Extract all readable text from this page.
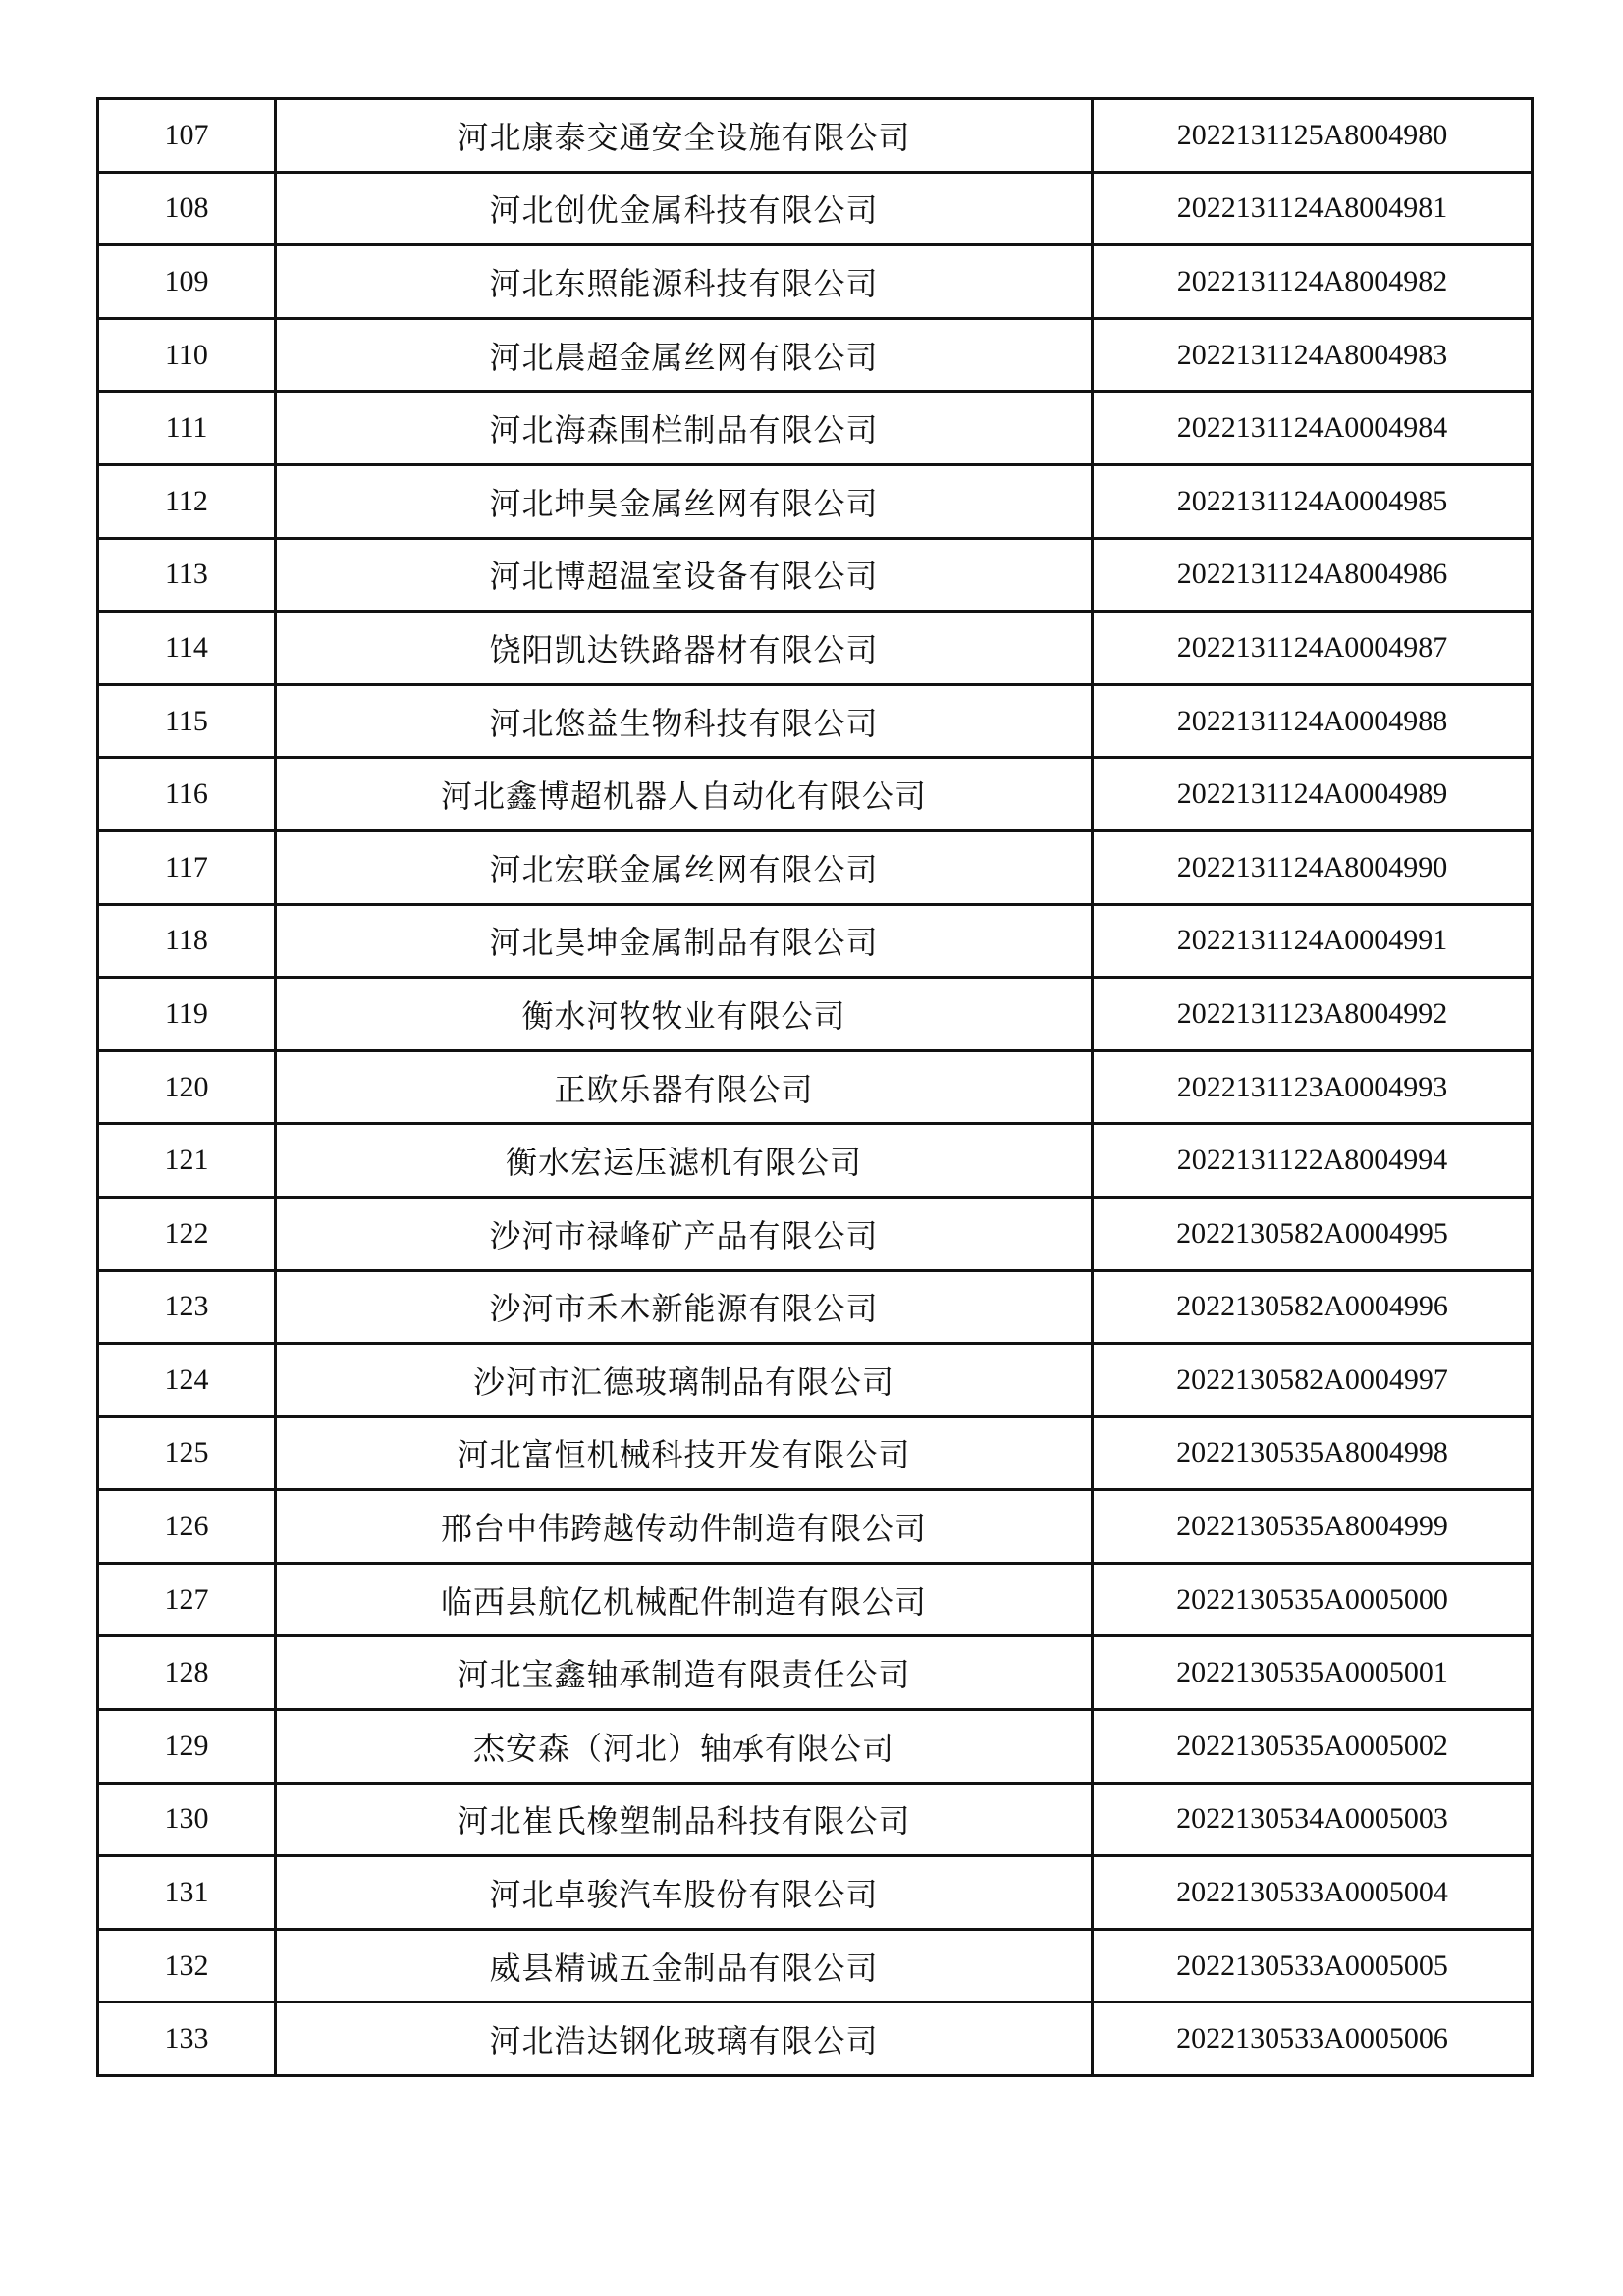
107	河北康泰交通安全设施有限公司	2022131125A8004980
108	河北创优金属科技有限公司	2022131124A8004981
109	河北东照能源科技有限公司	2022131124A8004982
110	河北晨超金属丝网有限公司	2022131124A8004983
111	河北海森围栏制品有限公司	2022131124A0004984
112	河北坤昊金属丝网有限公司	2022131124A0004985
113	河北博超温室设备有限公司	2022131124A8004986
114	饶阳凯达铁路器材有限公司	2022131124A0004987
115	河北悠益生物科技有限公司	2022131124A0004988
116	河北鑫博超机器人自动化有限公司	2022131124A0004989
117	河北宏联金属丝网有限公司	2022131124A8004990
118	河北昊坤金属制品有限公司	2022131124A0004991
119	衡水河牧牧业有限公司	2022131123A8004992
120	正欧乐器有限公司	2022131123A0004993
121	衡水宏运压滤机有限公司	2022131122A8004994
122	沙河市禄峰矿产品有限公司	2022130582A0004995
123	沙河市禾木新能源有限公司	2022130582A0004996
124	沙河市汇德玻璃制品有限公司	2022130582A0004997
125	河北富恒机械科技开发有限公司	2022130535A8004998
126	邢台中伟跨越传动件制造有限公司	2022130535A8004999
127	临西县航亿机械配件制造有限公司	2022130535A0005000
128	河北宝鑫轴承制造有限责任公司	2022130535A0005001
129	杰安森（河北）轴承有限公司	2022130535A0005002
130	河北崔氏橡塑制品科技有限公司	2022130534A0005003
131	河北卓骏汽车股份有限公司	2022130533A0005004
132	威县精诚五金制品有限公司	2022130533A0005005
133	河北浩达钢化玻璃有限公司	2022130533A0005006
